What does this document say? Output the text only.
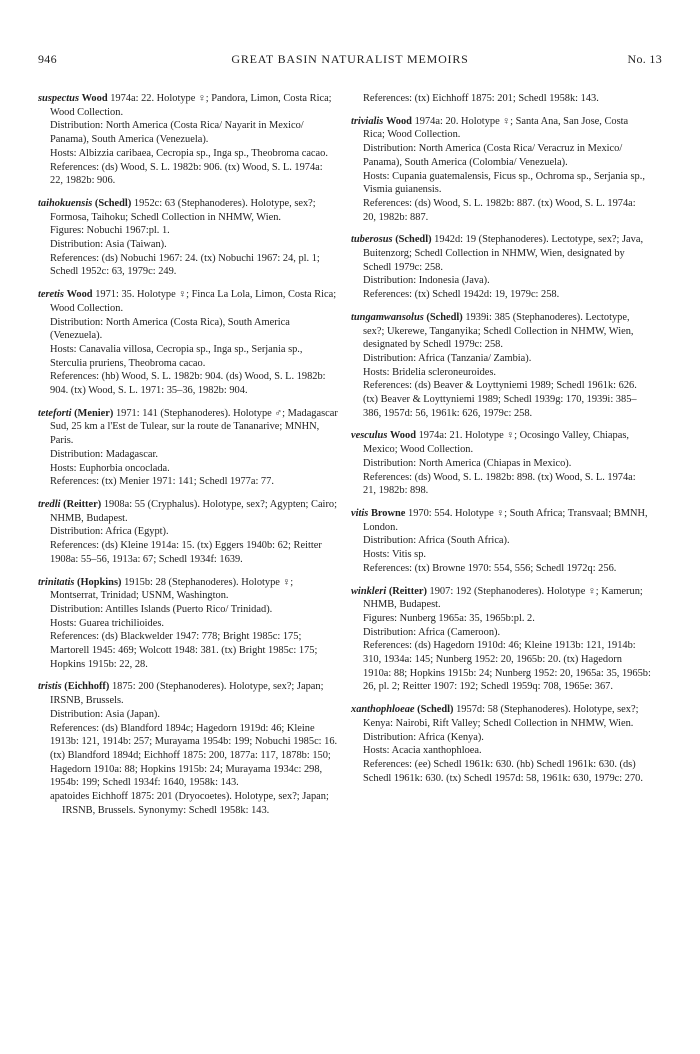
946	GREAT BASIN NATURALIST MEMOIRS	No. 13
suspectus Wood 1974a: 22. Holotype ♀; Pandora, Limon, Costa Rica; Wood Collection.
Distribution: North America (Costa Rica/ Nayarit in Mexico/ Panama), South America (Venezuela).
Hosts: Albizzia caribaea, Cecropia sp., Inga sp., Theobroma cacao.
References: (ds) Wood, S. L. 1982b: 906. (tx) Wood, S. L. 1974a: 22, 1982b: 906.
taihokuensis (Schedl) 1952c: 63 (Stephanoderes). Holotype, sex?; Formosa, Taihoku; Schedl Collection in NHMW, Wien.
Figures: Nobuchi 1967:pl. 1.
Distribution: Asia (Taiwan).
References: (ds) Nobuchi 1967: 24. (tx) Nobuchi 1967: 24, pl. 1; Schedl 1952c: 63, 1979c: 249.
teretis Wood 1971: 35. Holotype ♀; Finca La Lola, Limon, Costa Rica; Wood Collection.
Distribution: North America (Costa Rica), South America (Venezuela).
Hosts: Canavalia villosa, Cecropia sp., Inga sp., Serjania sp., Sterculia pruriens, Theobroma cacao.
References: (hb) Wood, S. L. 1982b: 904. (ds) Wood, S. L. 1982b: 904. (tx) Wood, S. L. 1971: 35–36, 1982b: 904.
teteforti (Menier) 1971: 141 (Stephanoderes). Holotype ♂; Madagascar Sud, 25 km a l'Est de Tulear, sur la route de Tananarive; MNHN, Paris.
Distribution: Madagascar.
Hosts: Euphorbia oncoclada.
References: (tx) Menier 1971: 141; Schedl 1977a: 77.
tredli (Reitter) 1908a: 55 (Cryphalus). Holotype, sex?; Agypten; Cairo; NHMB, Budapest.
Distribution: Africa (Egypt).
References: (ds) Kleine 1914a: 15. (tx) Eggers 1940b: 62; Reitter 1908a: 55–56, 1913a: 67; Schedl 1934f: 1639.
trinitatis (Hopkins) 1915b: 28 (Stephanoderes). Holotype ♀; Montserrat, Trinidad; USNM, Washington.
Distribution: Antilles Islands (Puerto Rico/ Trinidad).
Hosts: Guarea trichilioides.
References: (ds) Blackwelder 1947: 778; Bright 1985c: 175; Martorell 1945: 469; Wolcott 1948: 381. (tx) Bright 1985c: 175; Hopkins 1915b: 22, 28.
tristis (Eichhoff) 1875: 200 (Stephanoderes). Holotype, sex?; Japan; IRSNB, Brussels.
Distribution: Asia (Japan).
References: (ds) Blandford 1894c; Hagedorn 1919d: 46; Kleine 1913b: 121, 1914b: 257; Murayama 1954b: 199; Nobuchi 1985c: 16. (tx) Blandford 1894d; Eichhoff 1875: 200, 1877a: 117, 1878b: 150; Hagedorn 1910a: 88; Hopkins 1915b: 24; Murayama 1934c: 298, 1954b: 199; Schedl 1934f: 1640, 1958k: 143.
apatoides Eichhoff 1875: 201 (Dryocoetes). Holotype, sex?; Japan; IRSNB, Brussels. Synonymy: Schedl 1958k: 143.
References: (tx) Eichhoff 1875: 201; Schedl 1958k: 143.
trivialis Wood 1974a: 20. Holotype ♀; Santa Ana, San Jose, Costa Rica; Wood Collection.
Distribution: North America (Costa Rica/ Veracruz in Mexico/ Panama), South America (Colombia/ Venezuela).
Hosts: Cupania guatemalensis, Ficus sp., Ochroma sp., Serjania sp., Vismia guianensis.
References: (ds) Wood, S. L. 1982b: 887. (tx) Wood, S. L. 1974a: 20, 1982b: 887.
tuberosus (Schedl) 1942d: 19 (Stephanoderes). Lectotype, sex?; Java, Buitenzorg; Schedl Collection in NHMW, Wien, designated by Schedl 1979c: 258.
Distribution: Indonesia (Java).
References: (tx) Schedl 1942d: 19, 1979c: 258.
tungamwansolus (Schedl) 1939i: 385 (Stephanoderes). Lectotype, sex?; Ukerewe, Tanganyika; Schedl Collection in NHMW, Wien, designated by Schedl 1979c: 258.
Distribution: Africa (Tanzania/ Zambia).
Hosts: Bridelia scleroneuroides.
References: (ds) Beaver & Loyttyniemi 1989; Schedl 1961k: 626. (tx) Beaver & Loyttyniemi 1989; Schedl 1939g: 170, 1939i: 385–386, 1957d: 56, 1961k: 626, 1979c: 258.
vesculus Wood 1974a: 21. Holotype ♀; Ocosingo Valley, Chiapas, Mexico; Wood Collection.
Distribution: North America (Chiapas in Mexico).
References: (ds) Wood, S. L. 1982b: 898. (tx) Wood, S. L. 1974a: 21, 1982b: 898.
vitis Browne 1970: 554. Holotype ♀; South Africa; Transvaal; BMNH, London.
Distribution: Africa (South Africa).
Hosts: Vitis sp.
References: (tx) Browne 1970: 554, 556; Schedl 1972q: 256.
winkleri (Reitter) 1907: 192 (Stephanoderes). Holotype ♀; Kamerun; NHMB, Budapest.
Figures: Nunberg 1965a: 35, 1965b:pl. 2.
Distribution: Africa (Cameroon).
References: (ds) Hagedorn 1910d: 46; Kleine 1913b: 121, 1914b: 310, 1934a: 145; Nunberg 1952: 20, 1965b: 20. (tx) Hagedorn 1910a: 88; Hopkins 1915b: 24; Nunberg 1952: 20, 1965a: 35, 1965b: 26, pl. 2; Reitter 1907: 192; Schedl 1959q: 708, 1965e: 367.
xanthophloeae (Schedl) 1957d: 58 (Stephanoderes). Holotype, sex?; Kenya: Nairobi, Rift Valley; Schedl Collection in NHMW, Wien.
Distribution: Africa (Kenya).
Hosts: Acacia xanthophloea.
References: (ee) Schedl 1961k: 630. (hb) Schedl 1961k: 630. (ds) Schedl 1961k: 630. (tx) Schedl 1957d: 58, 1961k: 630, 1979c: 270.
